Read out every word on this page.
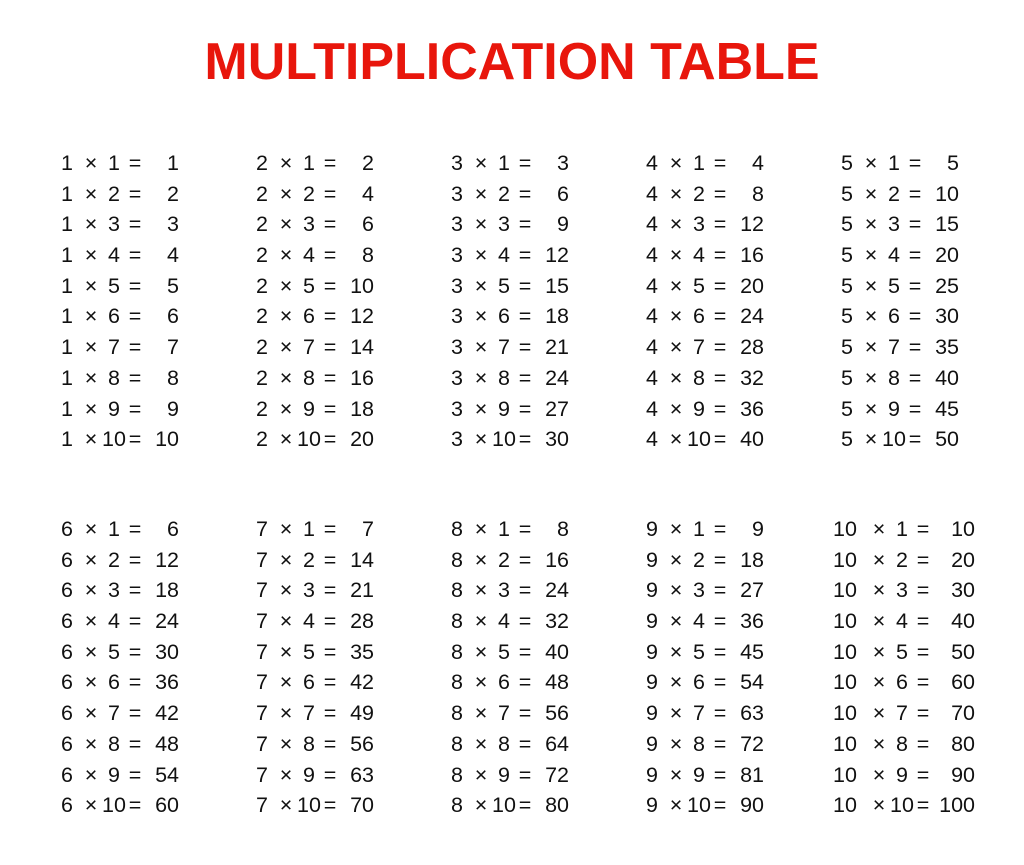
MULTIPLICATION TABLE
1 × 1 =	1
1 × 2 =	2
1 × 3 =	3
1 × 4 =	4
1 × 5 =	5
1 × 6 =	6
1 × 7 =	7
1 × 8 =	8
1 × 9 =	9
1 × 10 = 10
2 × 1 =	2
2 × 2 =	4
2 × 3 =	6
2 × 4 =	8
2 × 5 = 10
2 × 6 = 12
2 × 7 = 14
2 × 8 = 16
2 × 9 = 18
2 × 10 = 20
3 × 1 =	3
3 × 2 =	6
3 × 3 =	9
3 × 4 = 12
3 × 5 = 15
3 × 6 = 18
3 × 7 = 21
3 × 8 = 24
3 × 9 = 27
3 × 10 = 30
4 × 1 =	4
4 × 2 =	8
4 × 3 = 12
4 × 4 = 16
4 × 5 = 20
4 × 6 = 24
4 × 7 = 28
4 × 8 = 32
4 × 9 = 36
4 × 10 = 40
5 × 1 =	5
5 × 2 = 10
5 × 3 = 15
5 × 4 = 20
5 × 5 = 25
5 × 6 = 30
5 × 7 = 35
5 × 8 = 40
5 × 9 = 45
5 × 10 = 50
6 × 1 =	6
6 × 2 = 12
6 × 3 = 18
6 × 4 = 24
6 × 5 = 30
6 × 6 = 36
6 × 7 = 42
6 × 8 = 48
6 × 9 = 54
6 × 10 = 60
7 × 1 =	7
7 × 2 = 14
7 × 3 = 21
7 × 4 = 28
7 × 5 = 35
7 × 6 = 42
7 × 7 = 49
7 × 8 = 56
7 × 9 = 63
7 × 10 = 70
8 × 1 =	8
8 × 2 = 16
8 × 3 = 24
8 × 4 = 32
8 × 5 = 40
8 × 6 = 48
8 × 7 = 56
8 × 8 = 64
8 × 9 = 72
8 × 10 = 80
9 × 1 =	9
9 × 2 = 18
9 × 3 = 27
9 × 4 = 36
9 × 5 = 45
9 × 6 = 54
9 × 7 = 63
9 × 8 = 72
9 × 9 = 81
9 × 10 = 90
10 × 1 =	10
10 × 2 =	20
10 × 3 =	30
10 × 4 =	40
10 × 5 =	50
10 × 6 =	60
10 × 7 =	70
10 × 8 =	80
10 × 9 =	90
10 × 10 = 100
